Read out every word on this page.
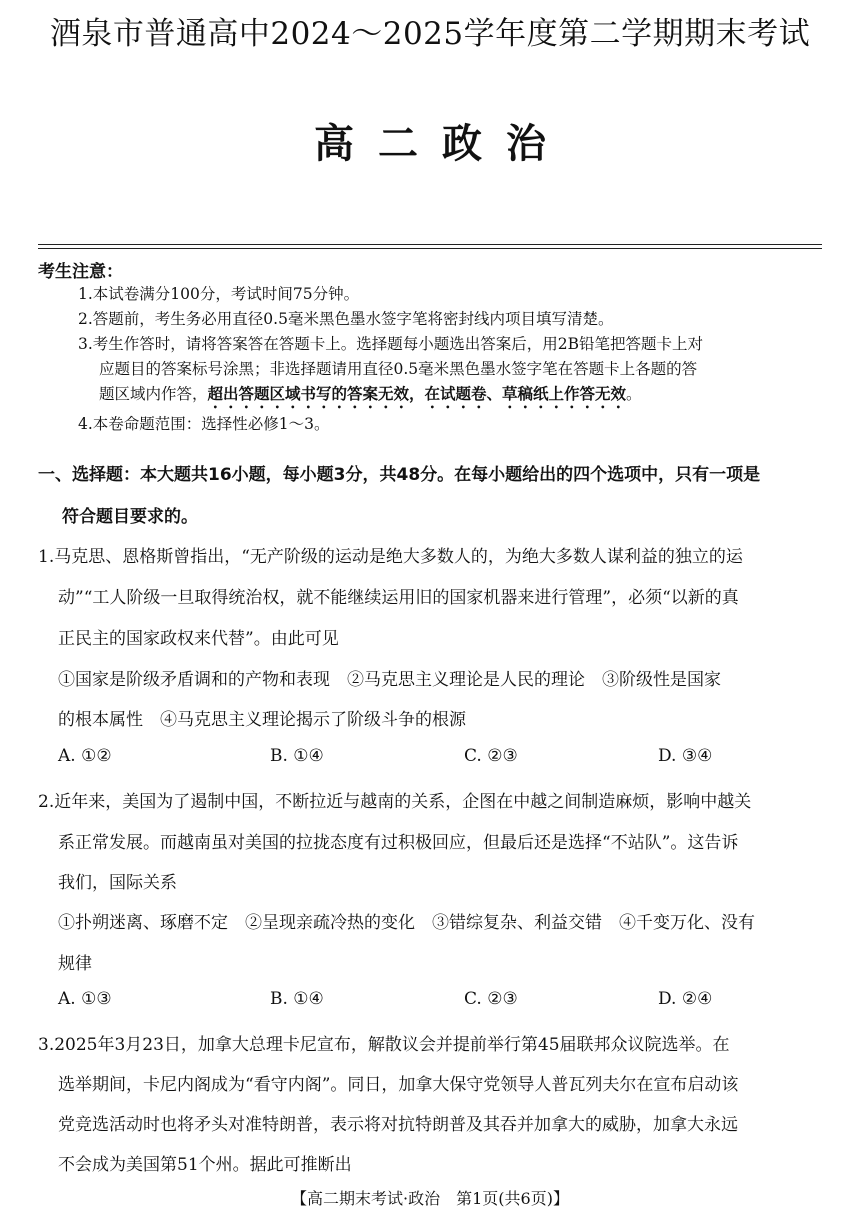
酒泉市普通高中2024～2025学年度第二学期期末考试
高二政治
考生注意：
1.本试卷满分100分，考试时间75分钟。
2.答题前，考生务必用直径0.5毫米黑色墨水签字笔将密封线内项目填写清楚。
3.考生作答时，请将答案答在答题卡上。选择题每小题选出答案后，用2B铅笔把答题卡上对
应题目的答案标号涂黑；非选择题请用直径0.5毫米黑色墨水签字笔在答题卡上各题的答
题区域内作答，超出答题区域书写的答案无效，在试题卷、草稿纸上作答无效。
4.本卷命题范围：选择性必修1～3。
一、选择题：本大题共16小题，每小题3分，共48分。在每小题给出的四个选项中，只有一项是
符合题目要求的。
1.马克思、恩格斯曾指出，“无产阶级的运动是绝大多数人的，为绝大多数人谋利益的独立的运
动”“工人阶级一旦取得统治权，就不能继续运用旧的国家机器来进行管理”，必须“以新的真
正民主的国家政权来代替”。由此可见
①国家是阶级矛盾调和的产物和表现　②马克思主义理论是人民的理论　③阶级性是国家
的根本属性　④马克思主义理论揭示了阶级斗争的根源
A. ①②	B. ①④	C. ②③	D. ③④
2.近年来，美国为了遏制中国，不断拉近与越南的关系，企图在中越之间制造麻烦，影响中越关
系正常发展。而越南虽对美国的拉拢态度有过积极回应，但最后还是选择“不站队”。这告诉
我们，国际关系
①扑朔迷离、琢磨不定　②呈现亲疏冷热的变化　③错综复杂、利益交错　④千变万化、没有
规律
A. ①③	B. ①④	C. ②③	D. ②④
3.2025年3月23日，加拿大总理卡尼宣布，解散议会并提前举行第45届联邦众议院选举。在
选举期间，卡尼内阁成为“看守内阁”。同日，加拿大保守党领导人普瓦列夫尔在宣布启动该
党竞选活动时也将矛头对准特朗普，表示将对抗特朗普及其吞并加拿大的威胁，加拿大永远
不会成为美国第51个州。据此可推断出
【高二期末考试·政治　第1页(共6页)】
